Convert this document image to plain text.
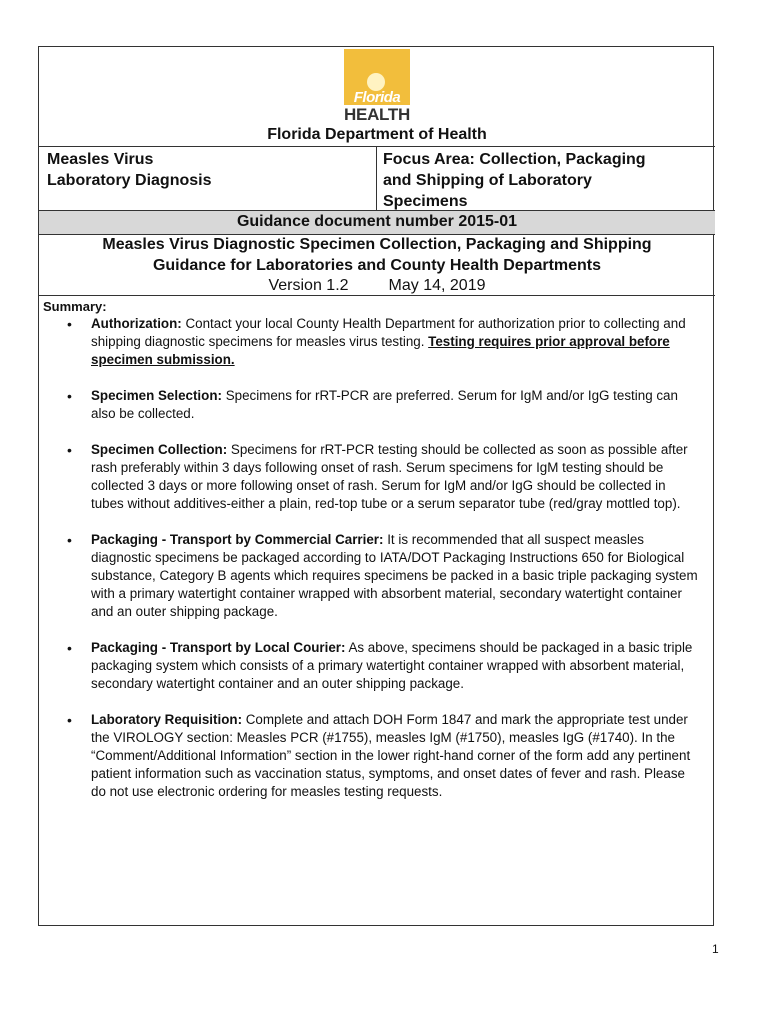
Florida
HEALTH
Florida Department of Health
Measles Virus
Laboratory Diagnosis
Focus Area: Collection, Packaging
and Shipping of Laboratory
Specimens
Guidance document number 2015-01
Measles Virus Diagnostic Specimen Collection, Packaging and Shipping
Guidance for Laboratories and County Health Departments
Version 1.2	May 14, 2019
Summary:
• Authorization: Contact your local County Health Department for authorization prior to collecting and shipping diagnostic specimens for measles virus testing. Testing requires prior approval before specimen submission.
• Specimen Selection: Specimens for rRT-PCR are preferred. Serum for IgM and/or IgG testing can also be collected.
• Specimen Collection: Specimens for rRT-PCR testing should be collected as soon as possible after rash preferably within 3 days following onset of rash. Serum specimens for IgM testing should be collected 3 days or more following onset of rash. Serum for IgM and/or IgG should be collected in tubes without additives-either a plain, red-top tube or a serum separator tube (red/gray mottled top).
• Packaging - Transport by Commercial Carrier: It is recommended that all suspect measles diagnostic specimens be packaged according to IATA/DOT Packaging Instructions 650 for Biological substance, Category B agents which requires specimens be packed in a basic triple packaging system with a primary watertight container wrapped with absorbent material, secondary watertight container and an outer shipping package.
• Packaging - Transport by Local Courier: As above, specimens should be packaged in a basic triple packaging system which consists of a primary watertight container wrapped with absorbent material, secondary watertight container and an outer shipping package.
• Laboratory Requisition: Complete and attach DOH Form 1847 and mark the appropriate test under the VIROLOGY section: Measles PCR (#1755), measles IgM (#1750), measles IgG (#1740). In the “Comment/Additional Information” section in the lower right-hand corner of the form add any pertinent patient information such as vaccination status, symptoms, and onset dates of fever and rash. Please do not use electronic ordering for measles testing requests.
1
